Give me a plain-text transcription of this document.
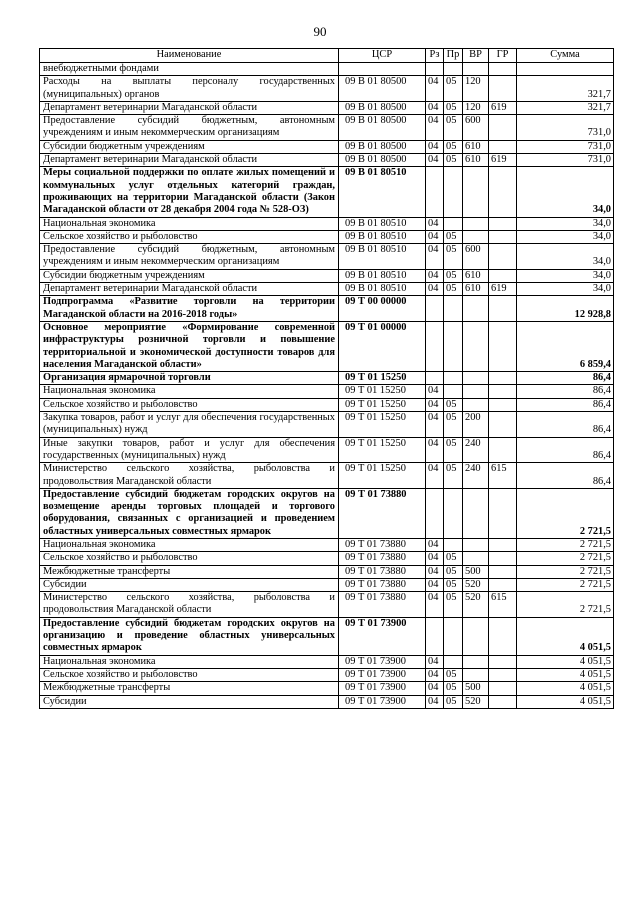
90
Наименование	ЦСР	Рз	Пр	ВР	ГР	Сумма
внебюджетными фондами						
Расходы на выплаты персоналу государственных (муниципальных) органов	09 В 01 80500	04	05	120		321,7
Департамент ветеринарии Магаданской области	09 В 01 80500	04	05	120	619	321,7
Предоставление субсидий бюджетным, автономным учреждениям и иным некоммерческим организациям	09 В 01 80500	04	05	600		731,0
Субсидии бюджетным учреждениям	09 В 01 80500	04	05	610		731,0
Департамент ветеринарии Магаданской области	09 В 01 80500	04	05	610	619	731,0
Меры социальной поддержки по оплате жилых помещений и коммунальных услуг отдельных категорий граждан, проживающих на территории Магаданской области (Закон Магаданской области от 28 декабря 2004 года № 528-ОЗ)	09 В 01 80510					34,0
Национальная экономика	09 В 01 80510	04				34,0
Сельское хозяйство и рыболовство	09 В 01 80510	04	05			34,0
Предоставление субсидий бюджетным, автономным учреждениям и иным некоммерческим организациям	09 В 01 80510	04	05	600		34,0
Субсидии бюджетным учреждениям	09 В 01 80510	04	05	610		34,0
Департамент ветеринарии Магаданской области	09 В 01 80510	04	05	610	619	34,0
Подпрограмма «Развитие торговли на территории Магаданской области на 2016-2018 годы»	09 Т 00 00000					12 928,8
Основное мероприятие «Формирование современной инфраструктуры розничной торговли и повышение территориальной и экономической доступности товаров для населения Магаданской области»	09 Т 01 00000					6 859,4
Организация ярмарочной торговли	09 Т 01 15250					86,4
Национальная экономика	09 Т 01 15250	04				86,4
Сельское хозяйство и рыболовство	09 Т 01 15250	04	05			86,4
Закупка товаров, работ и услуг для обеспечения государственных (муниципальных) нужд	09 Т 01 15250	04	05	200		86,4
Иные закупки товаров, работ и услуг для обеспечения государственных (муниципальных) нужд	09 Т 01 15250	04	05	240		86,4
Министерство сельского хозяйства, рыболовства и продовольствия Магаданской области	09 Т 01 15250	04	05	240	615	86,4
Предоставление субсидий бюджетам городских округов на возмещение аренды торговых площадей и торгового оборудования, связанных с организацией и проведением областных универсальных совместных ярмарок	09 Т 01 73880					2 721,5
Национальная экономика	09 Т 01 73880	04				2 721,5
Сельское хозяйство и рыболовство	09 Т 01 73880	04	05			2 721,5
Межбюджетные трансферты	09 Т 01 73880	04	05	500		2 721,5
Субсидии	09 Т 01 73880	04	05	520		2 721,5
Министерство сельского хозяйства, рыболовства и продовольствия Магаданской области	09 Т 01 73880	04	05	520	615	2 721,5
Предоставление субсидий бюджетам городских округов на организацию и проведение областных универсальных совместных ярмарок	09 Т 01 73900					4 051,5
Национальная экономика	09 Т 01 73900	04				4 051,5
Сельское хозяйство и рыболовство	09 Т 01 73900	04	05			4 051,5
Межбюджетные трансферты	09 Т 01 73900	04	05	500		4 051,5
Субсидии	09 Т 01 73900	04	05	520		4 051,5
